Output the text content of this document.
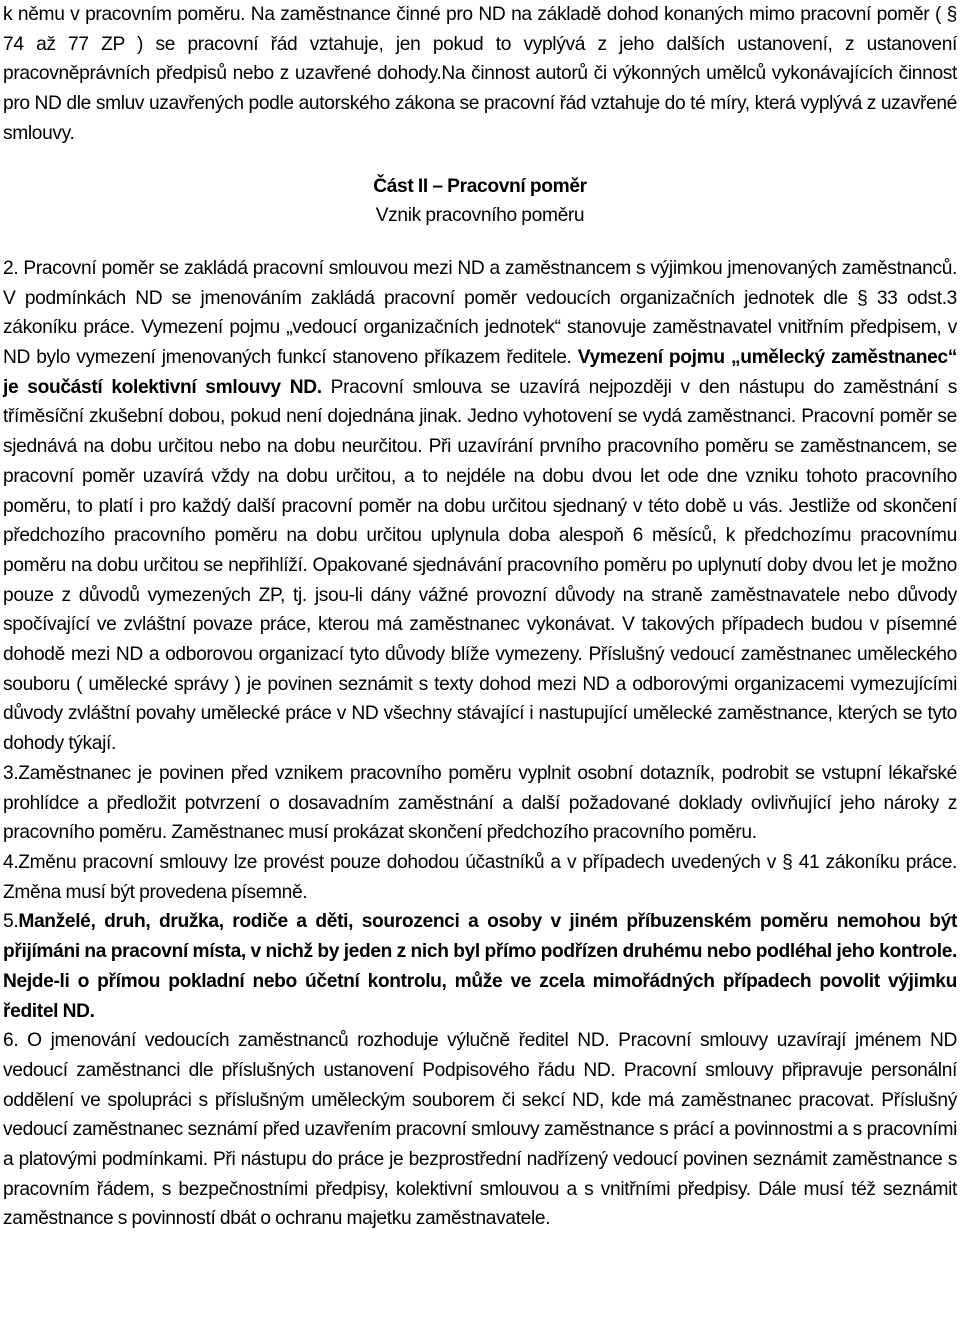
k němu v pracovním poměru. Na zaměstnance činné pro ND na základě dohod konaných mimo pracovní poměr ( § 74 až 77 ZP ) se pracovní řád vztahuje, jen pokud to vyplývá z jeho dalších ustanovení, z ustanovení pracovněprávních předpisů nebo z uzavřené dohody.Na činnost autorů či výkonných umělců vykonávajících činnost pro ND dle smluv uzavřených podle autorského zákona se pracovní řád vztahuje do té míry, která vyplývá z uzavřené smlouvy.

Část II – Pracovní poměr

Vznik pracovního poměru

2. Pracovní poměr se zakládá pracovní smlouvou mezi ND a zaměstnancem s výjimkou jmenovaných zaměstnanců. V podmínkách ND se jmenováním zakládá pracovní poměr vedoucích organizačních jednotek dle § 33 odst.3 zákoníku práce. Vymezení pojmu „vedoucí organizačních jednotek“ stanovuje zaměstnavatel vnitřním předpisem, v ND bylo vymezení jmenovaných funkcí stanoveno příkazem ředitele. Vymezení pojmu „umělecký zaměstnanec“ je součástí kolektivní smlouvy ND. Pracovní smlouva se uzavírá nejpozději v den nástupu do zaměstnání s tříměsíční zkušební dobou, pokud není dojednána jinak. Jedno vyhotovení se vydá zaměstnanci. Pracovní poměr se sjednává na dobu určitou nebo na dobu neurčitou. Při uzavírání prvního pracovního poměru se zaměstnancem, se pracovní poměr uzavírá vždy na dobu určitou, a to nejdéle na dobu dvou let ode dne vzniku tohoto pracovního poměru, to platí i pro každý další pracovní poměr na dobu určitou sjednaný v této době u vás. Jestliže od skončení předchozího pracovního poměru na dobu určitou uplynula doba alespoň 6 měsíců, k předchozímu pracovnímu poměru na dobu určitou se nepřihlíží. Opakované sjednávání pracovního poměru po uplynutí doby dvou let je možno pouze z důvodů vymezených ZP, tj. jsou-li dány vážné provozní důvody na straně zaměstnavatele nebo důvody spočívající ve zvláštní povaze práce, kterou má zaměstnanec vykonávat. V takových případech budou v písemné dohodě mezi ND a odborovou organizací tyto důvody blíže vymezeny. Příslušný vedoucí zaměstnanec uměleckého souboru ( umělecké správy ) je povinen seznámit s texty dohod mezi ND a odborovými organizacemi vymezujícími důvody zvláštní povahy umělecké práce v ND všechny stávající i nastupující umělecké zaměstnance, kterých se tyto dohody týkají.

3.Zaměstnanec je povinen před vznikem pracovního poměru vyplnit osobní dotazník, podrobit se vstupní lékařské prohlídce a předložit potvrzení o dosavadním zaměstnání a další požadované doklady ovlivňující jeho nároky z pracovního poměru. Zaměstnanec musí prokázat skončení předchozího pracovního poměru.

4.Změnu pracovní smlouvy lze provést pouze dohodou účastníků a v případech uvedených v § 41 zákoníku práce. Změna musí být provedena písemně.

5.Manželé, druh, družka, rodiče a děti, sourozenci a osoby v jiném příbuzenském poměru nemohou být přijímáni na pracovní místa, v nichž by jeden z nich byl přímo podřízen druhému nebo podléhal jeho kontrole. Nejde-li o přímou pokladní nebo účetní kontrolu, může ve zcela mimořádných případech povolit výjimku ředitel ND.

6. O jmenování vedoucích zaměstnanců rozhoduje výlučně ředitel ND. Pracovní smlouvy uzavírají jménem ND vedoucí zaměstnanci dle příslušných ustanovení Podpisového řádu ND. Pracovní smlouvy připravuje personální oddělení ve spolupráci s příslušným uměleckým souborem či sekcí ND, kde má zaměstnanec pracovat. Příslušný vedoucí zaměstnanec seznámí před uzavřením pracovní smlouvy zaměstnance s prácí a povinnostmi a s pracovními a platovými podmínkami. Při nástupu do práce je bezprostřední nadřízený vedoucí povinen seznámit zaměstnance s pracovním řádem, s bezpečnostními předpisy, kolektivní smlouvou a s vnitřními předpisy. Dále musí též seznámit zaměstnance s povinností dbát o ochranu majetku zaměstnavatele.
